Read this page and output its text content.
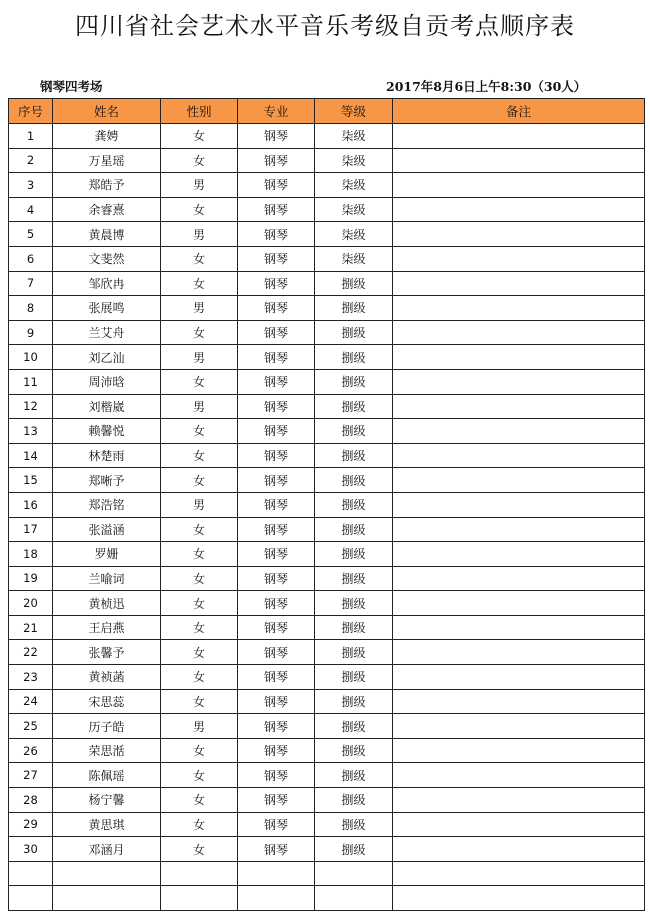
四川省社会艺术水平音乐考级自贡考点顺序表
钢琴四考场	2017年8月6日上午8:30（30人）
序号	姓名	性别	专业	等级	备注
1	龚娉	女	钢琴	柒级	
2	万星瑶	女	钢琴	柒级	
3	郑皓予	男	钢琴	柒级	
4	余睿熹	女	钢琴	柒级	
5	黄晨博	男	钢琴	柒级	
6	文斐然	女	钢琴	柒级	
7	邹欣冉	女	钢琴	捌级	
8	张展鸣	男	钢琴	捌级	
9	兰艾舟	女	钢琴	捌级	
10	刘乙汕	男	钢琴	捌级	
11	周沛晗	女	钢琴	捌级	
12	刘楷崴	男	钢琴	捌级	
13	赖馨悦	女	钢琴	捌级	
14	林楚雨	女	钢琴	捌级	
15	郑晰予	女	钢琴	捌级	
16	郑浩铭	男	钢琴	捌级	
17	张溢涵	女	钢琴	捌级	
18	罗姗	女	钢琴	捌级	
19	兰喻词	女	钢琴	捌级	
20	黄桢迅	女	钢琴	捌级	
21	王启燕	女	钢琴	捌级	
22	张馨予	女	钢琴	捌级	
23	黄祯菡	女	钢琴	捌级	
24	宋思蕊	女	钢琴	捌级	
25	历子皓	男	钢琴	捌级	
26	荣思湉	女	钢琴	捌级	
27	陈佩瑶	女	钢琴	捌级	
28	杨宁馨	女	钢琴	捌级	
29	黄思琪	女	钢琴	捌级	
30	邓涵月	女	钢琴	捌级	
